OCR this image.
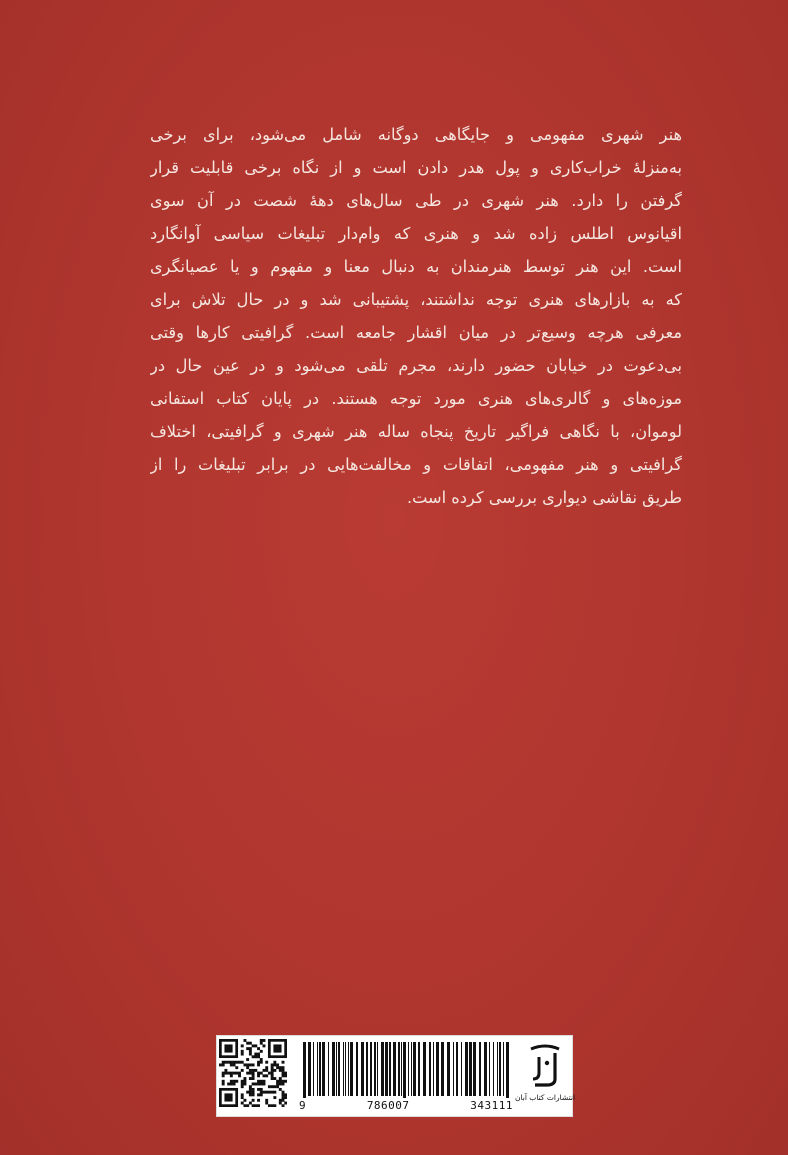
هنر شهری مفهومی و جایگاهی دوگانه شامل می‌شود، برای برخی
به‌منزلهٔ خراب‌کاری و پول هدر دادن است و از نگاه برخی قابلیت قرار
گرفتن را دارد. هنر شهری در طی سال‌های دههٔ شصت در آن سوی
اقیانوس اطلس زاده شد و هنری که وام‌دار تبلیغات سیاسی آوانگارد
است. این هنر توسط هنرمندان به دنبال معنا و مفهوم و یا عصیانگری
که به بازارهای هنری توجه نداشتند، پشتیبانی شد و در حال تلاش برای
معرفی هرچه وسیع‌تر در میان اقشار جامعه است. گرافیتی کارها وقتی
بی‌دعوت در خیابان حضور دارند، مجرم تلقی می‌شود و در عین حال در
موزه‌های و گالری‌های هنری مورد توجه هستند. در پایان کتاب استفانی
لوموان، با نگاهی فراگیر تاریخ پنجاه ساله هنر شهری و گرافیتی، اختلاف
گرافیتی و هنر مفهومی، اتفاقات و مخالفت‌هایی در برابر تبلیغات را از
طریق نقاشی دیواری بررسی کرده است.
9	786007	343111
انتشارات کتاب آبان
